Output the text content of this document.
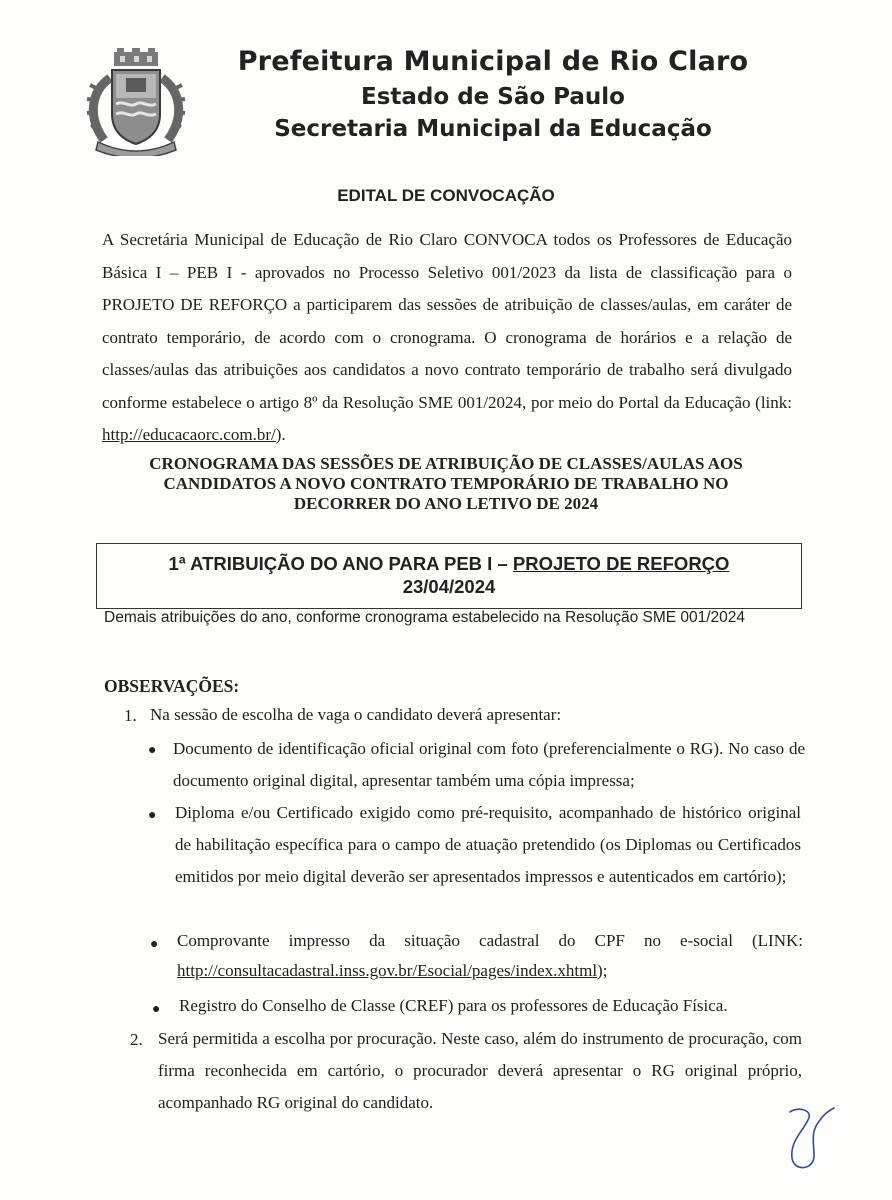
Prefeitura Municipal de Rio Claro
Estado de São Paulo
Secretaria Municipal da Educação
EDITAL DE CONVOCAÇÃO
A Secretária Municipal de Educação de Rio Claro CONVOCA todos os Professores de Educação Básica I – PEB I - aprovados no Processo Seletivo 001/2023 da lista de classificação para o PROJETO DE REFORÇO a participarem das sessões de atribuição de classes/aulas, em caráter de contrato temporário, de acordo com o cronograma. O cronograma de horários e a relação de classes/aulas das atribuições aos candidatos a novo contrato temporário de trabalho será divulgado conforme estabelece o artigo 8º da Resolução SME 001/2024, por meio do Portal da Educação (link: http://educacaorc.com.br/).
CRONOGRAMA DAS SESSÕES DE ATRIBUIÇÃO DE CLASSES/AULAS AOS
CANDIDATOS A NOVO CONTRATO TEMPORÁRIO DE TRABALHO NO
DECORRER DO ANO LETIVO DE 2024
1ª ATRIBUIÇÃO DO ANO PARA PEB I – PROJETO DE REFORÇO
23/04/2024
Demais atribuições do ano, conforme cronograma estabelecido na Resolução SME 001/2024
OBSERVAÇÕES:
1. Na sessão de escolha de vaga o candidato deverá apresentar:
● Documento de identificação oficial original com foto (preferencialmente o RG). No caso de documento original digital, apresentar também uma cópia impressa;
● Diploma e/ou Certificado exigido como pré-requisito, acompanhado de histórico original de habilitação específica para o campo de atuação pretendido (os Diplomas ou Certificados emitidos por meio digital deverão ser apresentados impressos e autenticados em cartório);
● Comprovante impresso da situação cadastral do CPF no e-social (LINK:
http://consultacadastral.inss.gov.br/Esocial/pages/index.xhtml);
● Registro do Conselho de Classe (CREF) para os professores de Educação Física.
2. Será permitida a escolha por procuração. Neste caso, além do instrumento de procuração, com firma reconhecida em cartório, o procurador deverá apresentar o RG original próprio, acompanhado RG original do candidato.
